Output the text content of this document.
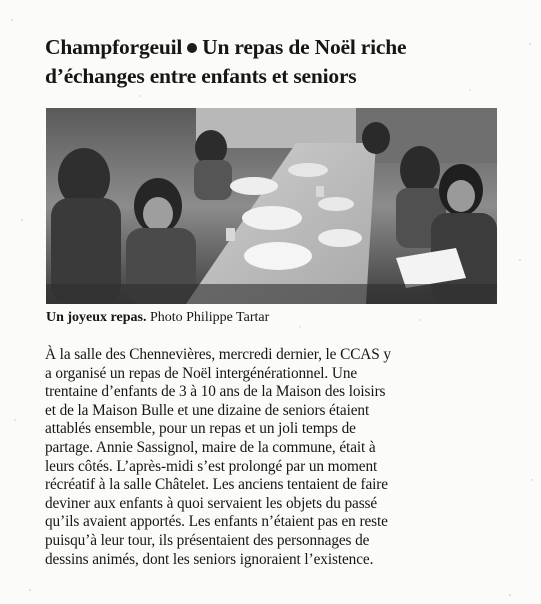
Champforgeuil Un repas de Noël riche
d’échanges entre enfants et seniors
Un joyeux repas. Photo Philippe Tartar
À la salle des Chennevières, mercredi dernier, le CCAS y
a organisé un repas de Noël intergénérationnel. Une
trentaine d’enfants de 3 à 10 ans de la Maison des loisirs
et de la Maison Bulle et une dizaine de seniors étaient
attablés ensemble, pour un repas et un joli temps de
partage. Annie Sassignol, maire de la commune, était à
leurs côtés. L’après-midi s’est prolongé par un moment
récréatif à la salle Châtelet. Les anciens tentaient de faire
deviner aux enfants à quoi servaient les objets du passé
qu’ils avaient apportés. Les enfants n’étaient pas en reste
puisqu’à leur tour, ils présentaient des personnages de
dessins animés, dont les seniors ignoraient l’existence.
